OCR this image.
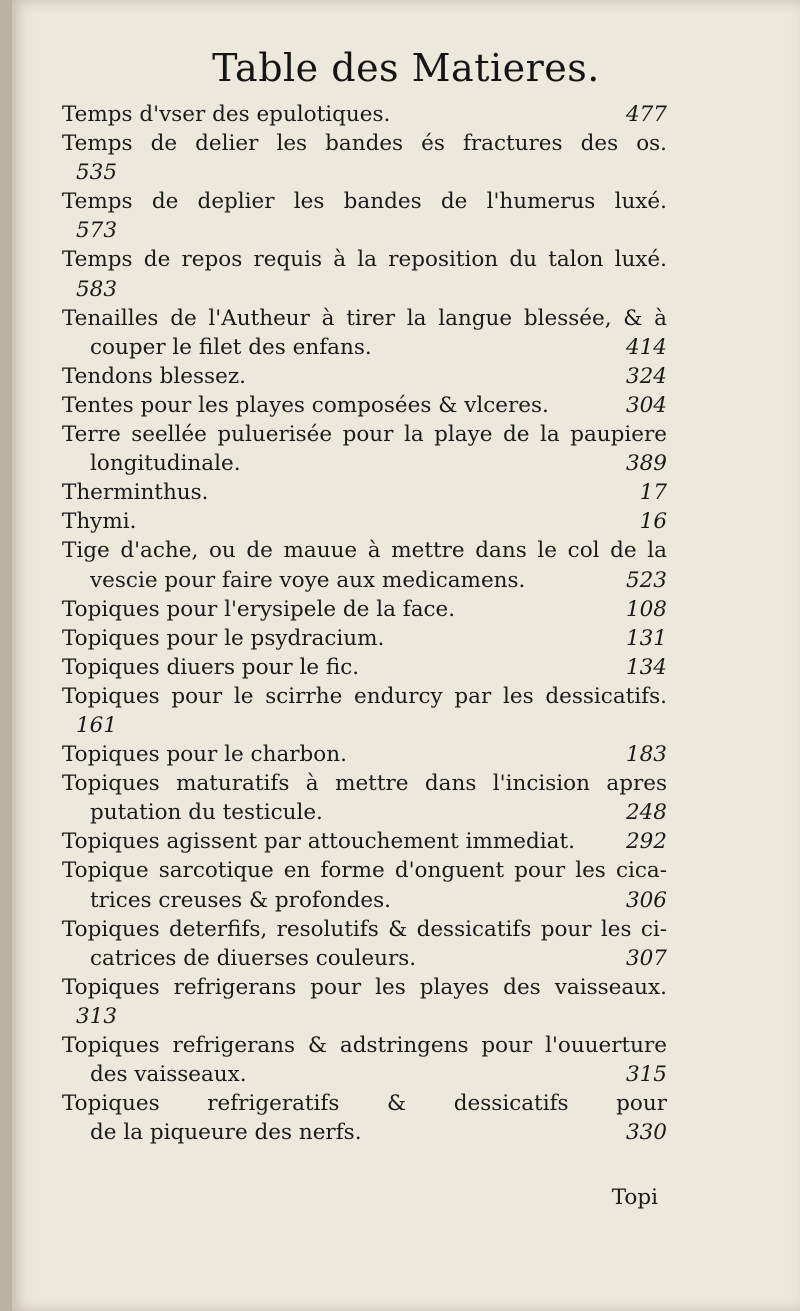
Table des Matieres.
Temps d'vser des epulotiques.	477
Temps de delier les bandes és fractures des os.
535
Temps de deplier les bandes de l'humerus luxé.
573
Temps de repos requis à la reposition du talon luxé.
583
Tenailles de l'Autheur à tirer la langue blessée, & à
couper le filet des enfans.	414
Tendons blessez.	324
Tentes pour les playes composées & vlceres.	304
Terre seellée puluerisée pour la playe de la paupiere
longitudinale.	389
Therminthus.	17
Thymi.	16
Tige d'ache, ou de mauue à mettre dans le col de la
vescie pour faire voye aux medicamens.	523
Topiques pour l'erysipele de la face.	108
Topiques pour le psydracium.	131
Topiques diuers pour le fic.	134
Topiques pour le scirrhe endurcy par les dessicatifs.
161
Topiques pour le charbon.	183
Topiques maturatifs à mettre dans l'incision apres
putation du testicule.	248
Topiques agissent par attouchement immediat. 292
Topique sarcotique en forme d'onguent pour les cica-
trices creuses & profondes.	306
Topiques deterfifs, resolutifs & dessicatifs pour les ci-
catrices de diuerses couleurs.	307
Topiques refrigerans pour les playes des vaisseaux.
313
Topiques refrigerans & adstringens pour l'ouuerture
des vaisseaux.	315
Topiques refrigeratifs & dessicatifs pour
de la piqueure des nerfs.	330
Topi
